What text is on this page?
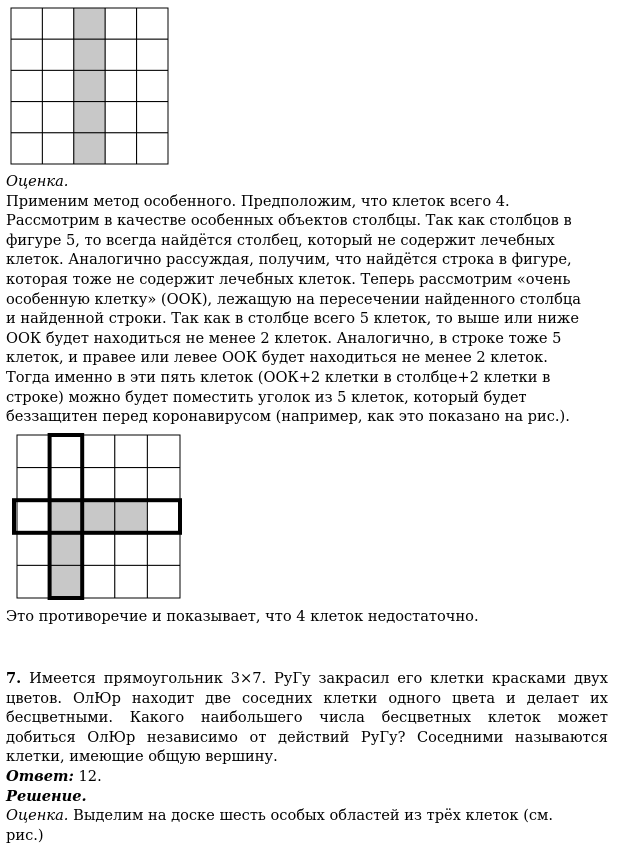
Оценка.
Применим метод особенного. Предположим, что клеток всего 4.
Рассмотрим в качестве особенных объектов столбцы. Так как столбцов в
фигуре 5, то всегда найдётся столбец, который не содержит лечебных
клеток. Аналогично рассуждая, получим, что найдётся строка в фигуре,
которая тоже не содержит лечебных клеток. Теперь рассмотрим «очень
особенную клетку» (ООК), лежащую на пересечении найденного столбца
и найденной строки. Так как в столбце всего 5 клеток, то выше или ниже
ООК будет находиться не менее 2 клеток. Аналогично, в строке тоже 5
клеток, и правее или левее ООК будет находиться не менее 2 клеток.
Тогда именно в эти пять клеток (ООК+2 клетки в столбце+2 клетки в
строке) можно будет поместить уголок из 5 клеток, который будет
беззащитен перед коронавирусом (например, как это показано на рис.).
Это противоречие и показывает, что 4 клеток недостаточно.
7. Имеется прямоугольник 3×7. РуГу закрасил его клетки красками двух
цветов. ОлЮр находит две соседних клетки одного цвета и делает их
бесцветными. Какого наибольшего числа бесцветных клеток может
добиться ОлЮр независимо от действий РуГу? Соседними называются
клетки, имеющие общую вершину.
Ответ: 12.
Решение.
Оценка. Выделим на доске шесть особых областей из трёх клеток (см.
рис.)
